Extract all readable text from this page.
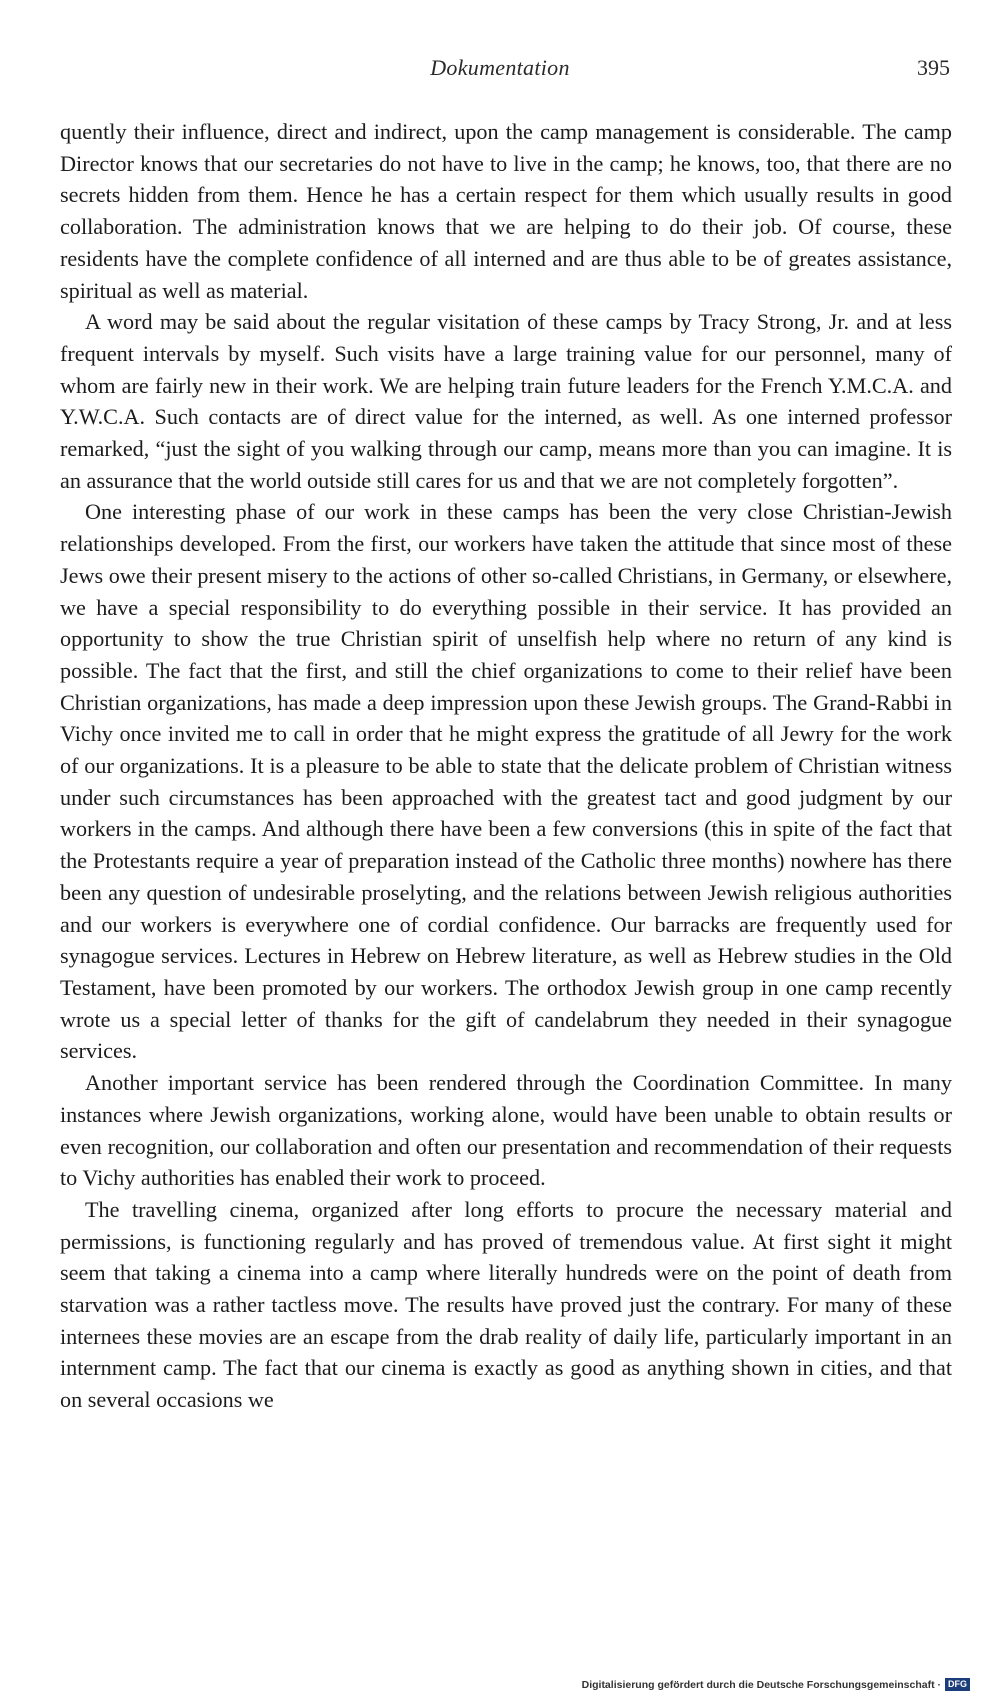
Dokumentation	395

quently their influence, direct and indirect, upon the camp management is considerable. The camp Director knows that our secretaries do not have to live in the camp; he knows, too, that there are no secrets hidden from them. Hence he has a certain respect for them which usually results in good collaboration. The administration knows that we are helping to do their job. Of course, these residents have the complete confidence of all interned and are thus able to be of greates assistance, spiritual as well as material.

A word may be said about the regular visitation of these camps by Tracy Strong, Jr. and at less frequent intervals by myself. Such visits have a large training value for our personnel, many of whom are fairly new in their work. We are helping train future leaders for the French Y.M.C.A. and Y.W.C.A. Such contacts are of direct value for the interned, as well. As one interned professor remarked, “just the sight of you walking through our camp, means more than you can imagine. It is an assurance that the world outside still cares for us and that we are not completely forgotten”.

One interesting phase of our work in these camps has been the very close Christian-Jewish relationships developed. From the first, our workers have taken the attitude that since most of these Jews owe their present misery to the actions of other so-called Christians, in Germany, or elsewhere, we have a special responsibility to do everything possible in their service. It has provided an opportunity to show the true Christian spirit of unselfish help where no return of any kind is possible. The fact that the first, and still the chief organizations to come to their relief have been Christian organizations, has made a deep impression upon these Jewish groups. The Grand-Rabbi in Vichy once invited me to call in order that he might express the gratitude of all Jewry for the work of our organizations. It is a pleasure to be able to state that the delicate problem of Christian witness under such circumstances has been approached with the greatest tact and good judgment by our workers in the camps. And although there have been a few conversions (this in spite of the fact that the Protestants require a year of preparation instead of the Catholic three months) nowhere has there been any question of undesirable proselyting, and the relations between Jewish religious authorities and our workers is everywhere one of cordial confidence. Our barracks are frequently used for synagogue services. Lectures in Hebrew on Hebrew literature, as well as Hebrew studies in the Old Testament, have been promoted by our workers. The orthodox Jewish group in one camp recently wrote us a special letter of thanks for the gift of candelabrum they needed in their synagogue services.

Another important service has been rendered through the Coordination Committee. In many instances where Jewish organizations, working alone, would have been unable to obtain results or even recognition, our collaboration and often our presentation and recommendation of their requests to Vichy authorities has enabled their work to proceed.

The travelling cinema, organized after long efforts to procure the necessary material and permissions, is functioning regularly and has proved of tremendous value. At first sight it might seem that taking a cinema into a camp where literally hundreds were on the point of death from starvation was a rather tactless move. The results have proved just the contrary. For many of these internees these movies are an escape from the drab reality of daily life, particularly important in an internment camp. The fact that our cinema is exactly as good as anything shown in cities, and that on several occasions we

Digitalisierung gefördert durch die Deutsche Forschungsgemeinschaft · DFG
